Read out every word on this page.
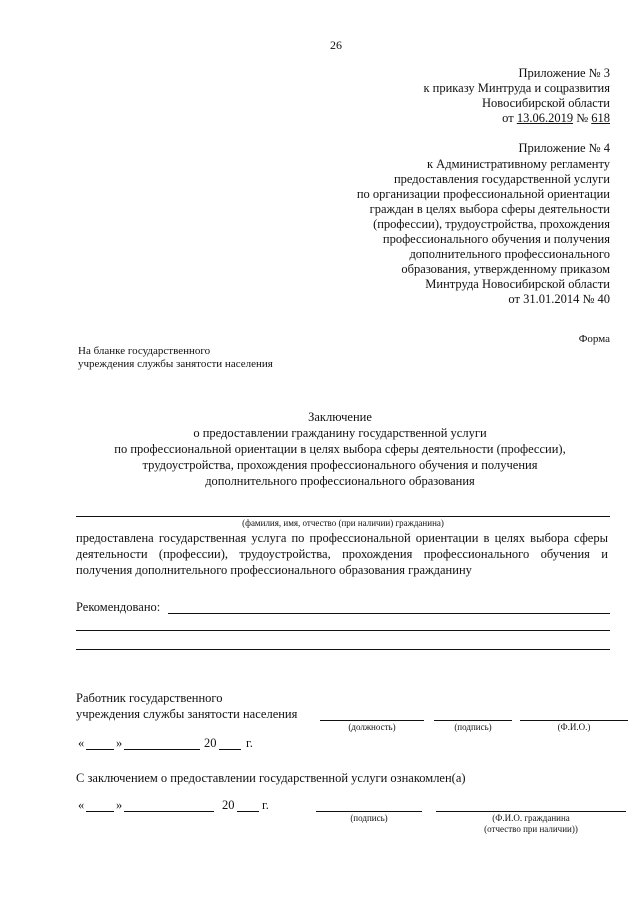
26
Приложение № 3
к приказу Минтруда и соцразвития
Новосибирской области
от 13.06.2019 № 618
Приложение № 4
к Административному регламенту
предоставления государственной услуги
по организации профессиональной ориентации
граждан в целях выбора сферы деятельности
(профессии), трудоустройства, прохождения
профессионального обучения и получения
дополнительного профессионального
образования, утвержденному приказом
Минтруда Новосибирской области
от 31.01.2014 № 40
Форма
На бланке государственного
учреждения службы занятости населения
Заключение
о предоставлении гражданину государственной услуги
по профессиональной ориентации в целях выбора сферы деятельности (профессии),
трудоустройства, прохождения профессионального обучения и получения
дополнительного профессионального образования
(фамилия, имя, отчество (при наличии) гражданина)
предоставлена государственная услуга по профессиональной ориентации в целях выбора сферы
деятельности (профессии), трудоустройства, прохождения профессионального обучения и
получения дополнительного профессионального образования гражданину
Рекомендовано:
Работник государственного
учреждения службы занятости населения
(должность)	(подпись)	(Ф.И.О.)
«	»	20 г.
С заключением о предоставлении государственной услуги ознакомлен(а)
«	»	20 г.
(подпись)	(Ф.И.О. гражданина
(отчество при наличии))
